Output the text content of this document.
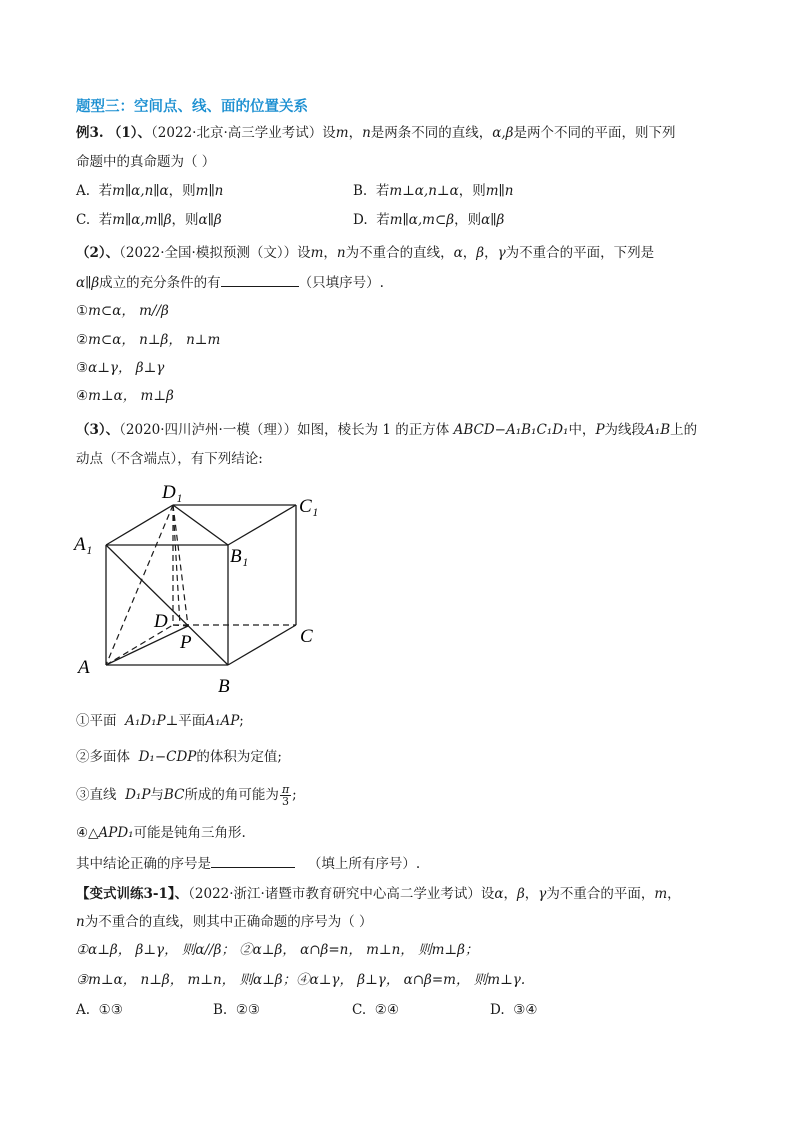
题型三：空间点、线、面的位置关系
例3. （1）、（2022·北京·高三学业考试）设m，n是两条不同的直线，α,β是两个不同的平面，则下列
命题中的真命题为（ ）
A. 若m∥α,n∥α，则m∥n	B. 若m⊥α,n⊥α，则m∥n
C. 若m∥α,m∥β，则α∥β	D. 若m∥α,m⊂β，则α∥β
（2）、（2022·全国·模拟预测（文））设m，n为不重合的直线，α，β，γ为不重合的平面，下列是
α∥β成立的充分条件的有	（只填序号）.
①m⊂α， m//β
②m⊂α， n⊥β， n⊥m
③α⊥γ， β⊥γ
④m⊥α， m⊥β
（3）、（2020·四川泸州·一模（理））如图，棱长为 1 的正方体 ABCD−A₁B₁C₁D₁中，P为线段A₁B上的
动点（不含端点），有下列结论:
D₁
C₁
A₁
B₁
D
C
P
A
B
①平面 A₁D₁P⊥平面A₁AP;
②多面体 D₁−CDP的体积为定值;
③直线 D₁P与BC所成的角可能为 $\frac{\pi}{3}$ ;
④△APD₁可能是钝角三角形.
其中结论正确的序号是	（填上所有序号）.
【变式训练3-1】、（2022·浙江·诸暨市教育研究中心高二学业考试）设α，β，γ为不重合的平面，m，
n为不重合的直线，则其中正确命题的序号为（ ）
①α⊥β， β⊥γ， 则α//β； ②α⊥β， α∩β=n， m⊥n， 则m⊥β；
③m⊥α， n⊥β， m⊥n， 则α⊥β；④α⊥γ， β⊥γ， α∩β=m， 则m⊥γ.
A. ①③	B. ②③	C. ②④	D. ③④
